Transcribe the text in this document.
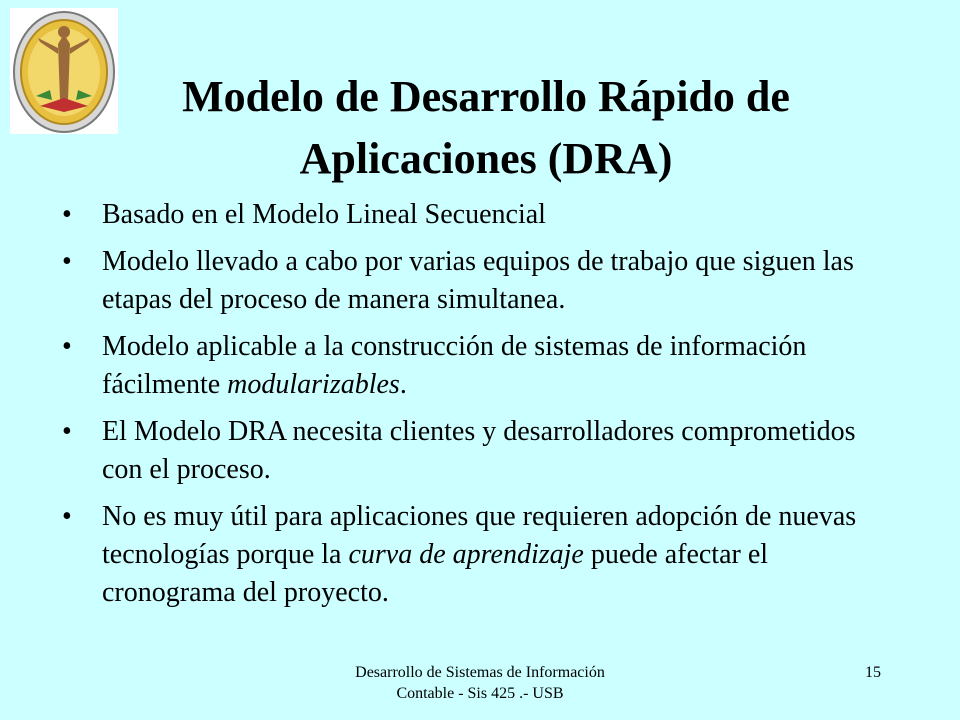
Modelo de Desarrollo Rápido de
Aplicaciones (DRA)
• Basado en el Modelo Lineal Secuencial
• Modelo llevado a cabo por varias equipos de trabajo que siguen las etapas del proceso de manera simultanea.
• Modelo aplicable a la construcción de sistemas de información fácilmente modularizables.
• El Modelo DRA necesita clientes y desarrolladores comprometidos con el proceso.
• No es muy útil para aplicaciones que requieren adopción de nuevas tecnologías porque la curva de aprendizaje puede afectar el cronograma del proyecto.
Desarrollo de Sistemas de Información Contable - Sis 425 .- USB
15
